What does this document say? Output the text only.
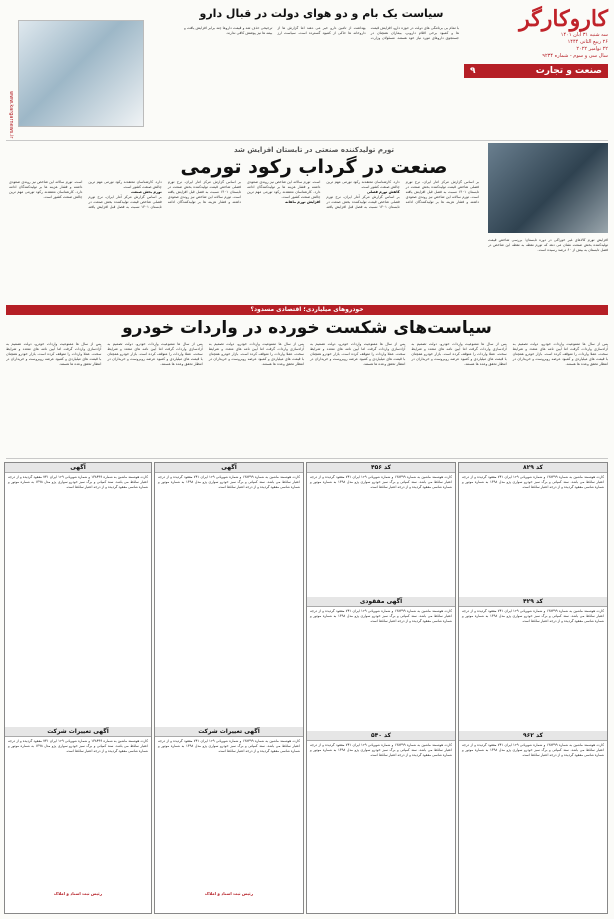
کاروکارگر
سه شنبه ۳۱ آبان ۱۴۰۱
۲۶ ربیع الثانی ۱۴۴۴
۲۲ نوامبر ۲۰۲۲
سال سی و سوم - شماره ۹۲۳۴
صنعت و تجارت
۹
www.kargarnews.ir
سیاست یک بام و دو هوای دولت در قبال دارو

با تمام بی برنامگی های دولت در حوزه دارو، افزایش قیمت ها و کمبود برخی اقلام دارویی، بیماران همچنان در جستجوی داروهای مورد نیاز خود هستند. مسئولان وزارت بهداشت از تامین دارو خبر می دهند اما گزارش ها از داروخانه ها حاکی از کمبود گسترده است. سیاست ارز ترجیحی حذف شد و قیمت داروها چند برابر افزایش یافت و بیمه ها نیز پوشش کافی ندارند.

تورم تولیدکننده صنعتی در تابستان افزایش شد
صنعت در گرداب رکود تورمی

افزایش تورم کالاهای غیر خوراکی در دوره تابستان؛ بررسی شاخص قیمت تولیدکننده بخش صنعت نشان می دهد که تورم نقطه به نقطه این شاخص در فصل تابستان به بیش از ۶۰ درصد رسیده است.

بر اساس گزارش مرکز آمار ایران، نرخ تورم فصلی شاخص قیمت تولیدکننده بخش صنعت در تابستان ۱۴۰۱ نسبت به فصل قبل افزایش یافته است. تورم سالانه این شاخص نیز روندی صعودی داشته و فشار هزینه ها بر تولیدکنندگان ادامه دارد. کارشناسان معتقدند رکود تورمی مهم ترین چالش صنعت کشور است.

کاهش تورم فصلی

بر اساس گزارش مرکز آمار ایران، نرخ تورم فصلی شاخص قیمت تولیدکننده بخش صنعت در تابستان ۱۴۰۱ نسبت به فصل قبل افزایش یافته است. تورم سالانه این شاخص نیز روندی صعودی داشته و فشار هزینه ها بر تولیدکنندگان ادامه دارد. کارشناسان معتقدند رکود تورمی مهم ترین چالش صنعت کشور است.

افزایش تورم ماهانه

بر اساس گزارش مرکز آمار ایران، نرخ تورم فصلی شاخص قیمت تولیدکننده بخش صنعت در تابستان ۱۴۰۱ نسبت به فصل قبل افزایش یافته است. تورم سالانه این شاخص نیز روندی صعودی داشته و فشار هزینه ها بر تولیدکنندگان ادامه دارد. کارشناسان معتقدند رکود تورمی مهم ترین چالش صنعت کشور است.

تورم بخش صنعت

بر اساس گزارش مرکز آمار ایران، نرخ تورم فصلی شاخص قیمت تولیدکننده بخش صنعت در تابستان ۱۴۰۱ نسبت به فصل قبل افزایش یافته است. تورم سالانه این شاخص نیز روندی صعودی داشته و فشار هزینه ها بر تولیدکنندگان ادامه دارد. کارشناسان معتقدند رکود تورمی مهم ترین چالش صنعت کشور است.

خودروهای میلیاردی؛ اقتصادی مسدود؟
سیاست‌های شکست خورده در واردات خودرو

پس از سال ها ممنوعیت واردات خودرو، دولت تصمیم به آزادسازی واردات گرفت اما آیین نامه های متعدد و شرایط سخت، عملا واردات را متوقف کرده است. بازار خودرو همچنان با قیمت های میلیاردی و کمبود عرضه روبروست و خریداران در انتظار تحقق وعده ها هستند.

پس از سال ها ممنوعیت واردات خودرو، دولت تصمیم به آزادسازی واردات گرفت اما آیین نامه های متعدد و شرایط سخت، عملا واردات را متوقف کرده است. بازار خودرو همچنان با قیمت های میلیاردی و کمبود عرضه روبروست و خریداران در انتظار تحقق وعده ها هستند.

پس از سال ها ممنوعیت واردات خودرو، دولت تصمیم به آزادسازی واردات گرفت اما آیین نامه های متعدد و شرایط سخت، عملا واردات را متوقف کرده است. بازار خودرو همچنان با قیمت های میلیاردی و کمبود عرضه روبروست و خریداران در انتظار تحقق وعده ها هستند.

پس از سال ها ممنوعیت واردات خودرو، دولت تصمیم به آزادسازی واردات گرفت اما آیین نامه های متعدد و شرایط سخت، عملا واردات را متوقف کرده است. بازار خودرو همچنان با قیمت های میلیاردی و کمبود عرضه روبروست و خریداران در انتظار تحقق وعده ها هستند.

پس از سال ها ممنوعیت واردات خودرو، دولت تصمیم به آزادسازی واردات گرفت اما آیین نامه های متعدد و شرایط سخت، عملا واردات را متوقف کرده است. بازار خودرو همچنان با قیمت های میلیاردی و کمبود عرضه روبروست و خریداران در انتظار تحقق وعده ها هستند.

پس از سال ها ممنوعیت واردات خودرو، دولت تصمیم به آزادسازی واردات گرفت اما آیین نامه های متعدد و شرایط سخت، عملا واردات را متوقف کرده است. بازار خودرو همچنان با قیمت های میلیاردی و کمبود عرضه روبروست و خریداران در انتظار تحقق وعده ها هستند.

کد ۸۲۹
کارت هوشمند ماشین به شماره ۱۳۸۴۹۹ و شماره شهربانی ۱۲۹ ایران ۷۴۱ مفقود گردیده و از درجه اعتبار ساقط می باشد. سند کمپانی و برگ سبز خودرو سواری پژو مدل ۱۳۹۸ به شماره موتور و شماره شاسی مفقود گردیده و از درجه اعتبار ساقط است.
کد ۴۲۹
کارت هوشمند ماشین به شماره ۱۳۸۴۹۹ و شماره شهربانی ۱۲۹ ایران ۷۴۱ مفقود گردیده و از درجه اعتبار ساقط می باشد. سند کمپانی و برگ سبز خودرو سواری پژو مدل ۱۳۹۸ به شماره موتور و شماره شاسی مفقود گردیده و از درجه اعتبار ساقط است.
کد ۹۶۲
کارت هوشمند ماشین به شماره ۱۳۸۴۹۹ و شماره شهربانی ۱۲۹ ایران ۷۴۱ مفقود گردیده و از درجه اعتبار ساقط می باشد. سند کمپانی و برگ سبز خودرو سواری پژو مدل ۱۳۹۸ به شماره موتور و شماره شاسی مفقود گردیده و از درجه اعتبار ساقط است.
کد ۴۵۶
کارت هوشمند ماشین به شماره ۱۳۸۴۹۹ و شماره شهربانی ۱۲۹ ایران ۷۴۱ مفقود گردیده و از درجه اعتبار ساقط می باشد. سند کمپانی و برگ سبز خودرو سواری پژو مدل ۱۳۹۸ به شماره موتور و شماره شاسی مفقود گردیده و از درجه اعتبار ساقط است.
آگهی مفقودی
کارت هوشمند ماشین به شماره ۱۳۸۴۹۹ و شماره شهربانی ۱۲۹ ایران ۷۴۱ مفقود گردیده و از درجه اعتبار ساقط می باشد. سند کمپانی و برگ سبز خودرو سواری پژو مدل ۱۳۹۸ به شماره موتور و شماره شاسی مفقود گردیده و از درجه اعتبار ساقط است.
کد ۵۴۰
کارت هوشمند ماشین به شماره ۱۳۸۴۹۹ و شماره شهربانی ۱۲۹ ایران ۷۴۱ مفقود گردیده و از درجه اعتبار ساقط می باشد. سند کمپانی و برگ سبز خودرو سواری پژو مدل ۱۳۹۸ به شماره موتور و شماره شاسی مفقود گردیده و از درجه اعتبار ساقط است.
آگهی
کارت هوشمند ماشین به شماره ۱۳۸۴۹۹ و شماره شهربانی ۱۲۹ ایران ۷۴۱ مفقود گردیده و از درجه اعتبار ساقط می باشد. سند کمپانی و برگ سبز خودرو سواری پژو مدل ۱۳۹۸ به شماره موتور و شماره شاسی مفقود گردیده و از درجه اعتبار ساقط است.
آگهی تغییرات شرکت
کارت هوشمند ماشین به شماره ۱۳۸۴۹۹ و شماره شهربانی ۱۲۹ ایران ۷۴۱ مفقود گردیده و از درجه اعتبار ساقط می باشد. سند کمپانی و برگ سبز خودرو سواری پژو مدل ۱۳۹۸ به شماره موتور و شماره شاسی مفقود گردیده و از درجه اعتبار ساقط است.
رئیس ثبت اسناد و املاک
آگهی
کارت هوشمند ماشین به شماره ۱۳۸۴۹۹ و شماره شهربانی ۱۲۹ ایران ۷۴۱ مفقود گردیده و از درجه اعتبار ساقط می باشد. سند کمپانی و برگ سبز خودرو سواری پژو مدل ۱۳۹۸ به شماره موتور و شماره شاسی مفقود گردیده و از درجه اعتبار ساقط است.
آگهی تغییرات شرکت
کارت هوشمند ماشین به شماره ۱۳۸۴۹۹ و شماره شهربانی ۱۲۹ ایران ۷۴۱ مفقود گردیده و از درجه اعتبار ساقط می باشد. سند کمپانی و برگ سبز خودرو سواری پژو مدل ۱۳۹۸ به شماره موتور و شماره شاسی مفقود گردیده و از درجه اعتبار ساقط است.
رئیس ثبت اسناد و املاک
